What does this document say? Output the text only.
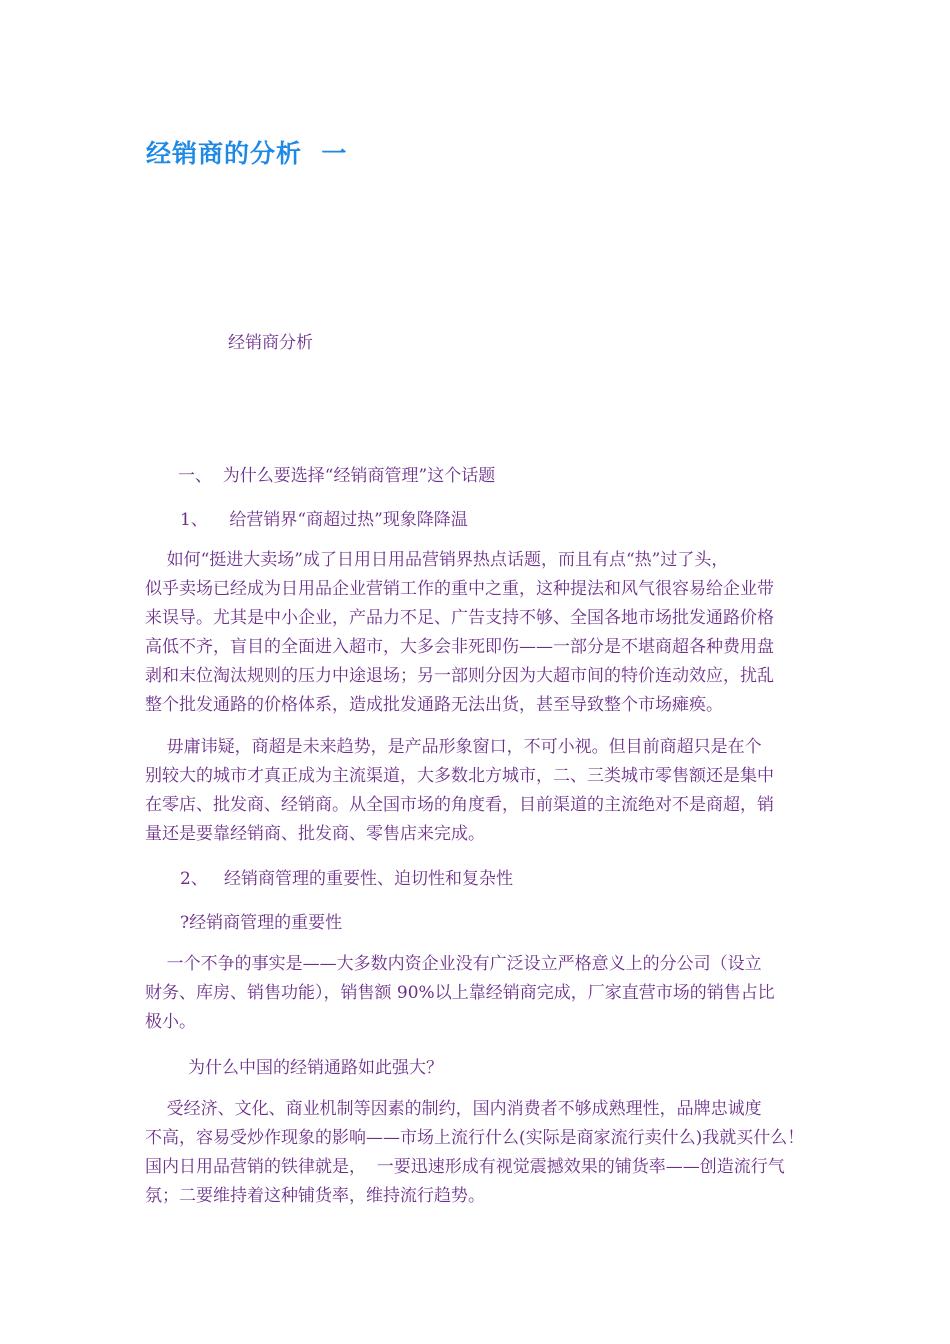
经销商的分析  一
经销商分析
一、  为什么要选择“经销商管理”这个话题
1、    给营销界“商超过热”现象降降温
如何“挺进大卖场”成了日用日用品营销界热点话题，而且有点“热”过了头，
似乎卖场已经成为日用品企业营销工作的重中之重，这种提法和风气很容易给企业带
来误导。尤其是中小企业，产品力不足、广告支持不够、全国各地市场批发通路价格
高低不齐，盲目的全面进入超市，大多会非死即伤——一部分是不堪商超各种费用盘
剥和末位淘汰规则的压力中途退场；另一部则分因为大超市间的特价连动效应，扰乱
整个批发通路的价格体系，造成批发通路无法出货，甚至导致整个市场瘫痪。
毋庸讳疑，商超是未来趋势，是产品形象窗口，不可小视。但目前商超只是在个
别较大的城市才真正成为主流渠道，大多数北方城市，二、三类城市零售额还是集中
在零店、批发商、经销商。从全国市场的角度看，目前渠道的主流绝对不是商超，销
量还是要靠经销商、批发商、零售店来完成。
2、   经销商管理的重要性、迫切性和复杂性
?经销商管理的重要性
一个不争的事实是——大多数内资企业没有广泛设立严格意义上的分公司（设立
财务、库房、销售功能），销售额 90%以上靠经销商完成，厂家直营市场的销售占比
极小。
为什么中国的经销通路如此强大？
受经济、文化、商业机制等因素的制约，国内消费者不够成熟理性，品牌忠诚度
不高，容易受炒作现象的影响——市场上流行什么(实际是商家流行卖什么)我就买什么！
国内日用品营销的铁律就是，  一要迅速形成有视觉震撼效果的铺货率——创造流行气
氛；二要维持着这种铺货率，维持流行趋势。
